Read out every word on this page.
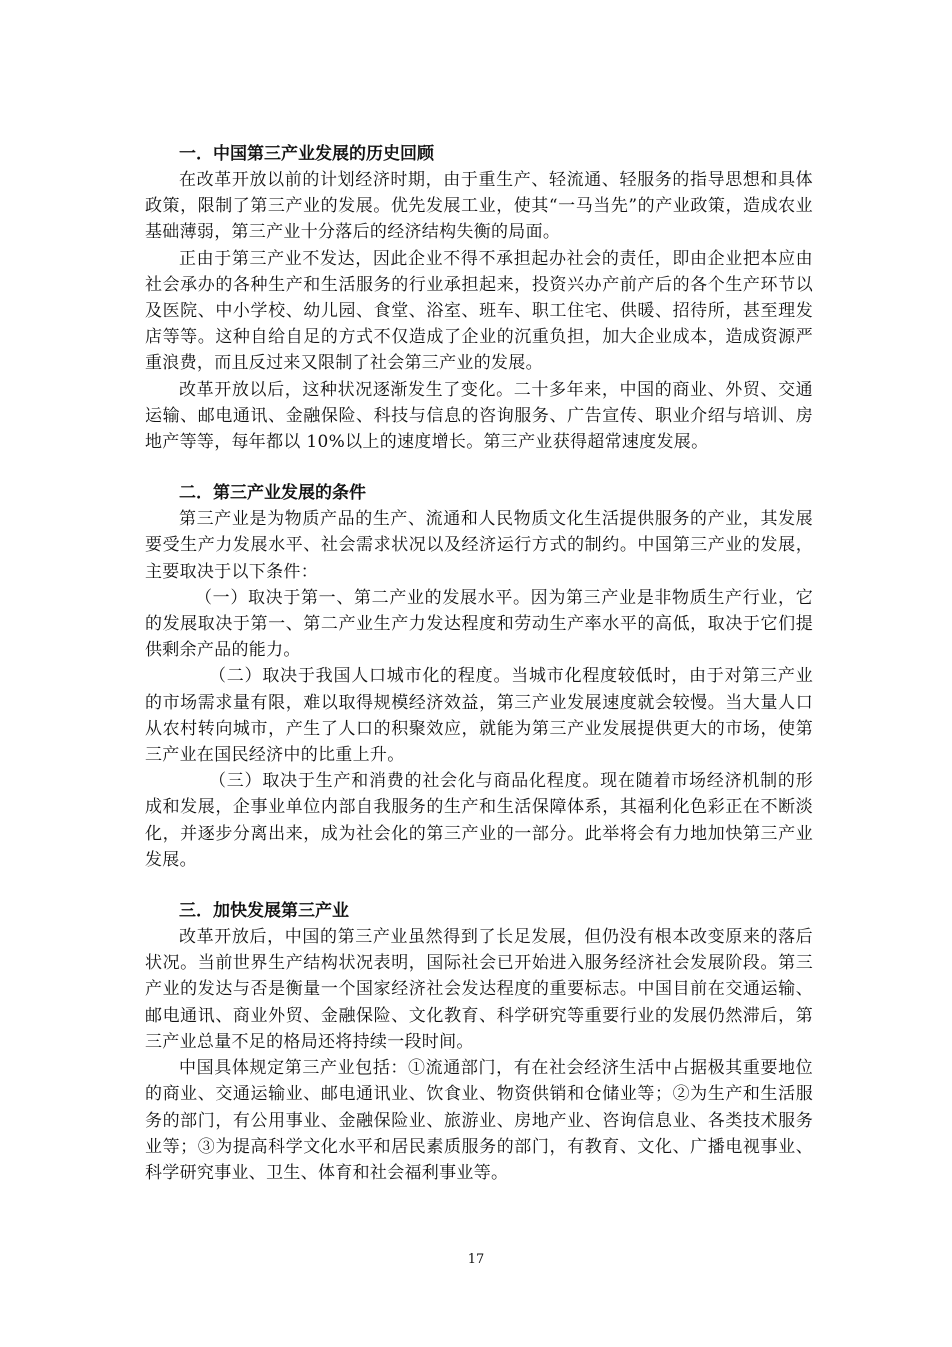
一．中国第三产业发展的历史回顾

在改革开放以前的计划经济时期，由于重生产、轻流通、轻服务的指导思想和具体政策，限制了第三产业的发展。优先发展工业，使其“一马当先”的产业政策，造成农业基础薄弱，第三产业十分落后的经济结构失衡的局面。

正由于第三产业不发达，因此企业不得不承担起办社会的责任，即由企业把本应由社会承办的各种生产和生活服务的行业承担起来，投资兴办产前产后的各个生产环节以及医院、中小学校、幼儿园、食堂、浴室、班车、职工住宅、供暖、招待所，甚至理发店等等。这种自给自足的方式不仅造成了企业的沉重负担，加大企业成本，造成资源严重浪费，而且反过来又限制了社会第三产业的发展。

改革开放以后，这种状况逐渐发生了变化。二十多年来，中国的商业、外贸、交通运输、邮电通讯、金融保险、科技与信息的咨询服务、广告宣传、职业介绍与培训、房地产等等，每年都以 10%以上的速度增长。第三产业获得超常速度发展。

二．第三产业发展的条件

第三产业是为物质产品的生产、流通和人民物质文化生活提供服务的产业，其发展要受生产力发展水平、社会需求状况以及经济运行方式的制约。中国第三产业的发展，主要取决于以下条件：

（一）取决于第一、第二产业的发展水平。因为第三产业是非物质生产行业，它的发展取决于第一、第二产业生产力发达程度和劳动生产率水平的高低，取决于它们提供剩余产品的能力。

（二）取决于我国人口城市化的程度。当城市化程度较低时，由于对第三产业的市场需求量有限，难以取得规模经济效益，第三产业发展速度就会较慢。当大量人口从农村转向城市，产生了人口的积聚效应，就能为第三产业发展提供更大的市场，使第三产业在国民经济中的比重上升。

（三）取决于生产和消费的社会化与商品化程度。现在随着市场经济机制的形成和发展，企事业单位内部自我服务的生产和生活保障体系，其福利化色彩正在不断淡化，并逐步分离出来，成为社会化的第三产业的一部分。此举将会有力地加快第三产业发展。

三．加快发展第三产业

改革开放后，中国的第三产业虽然得到了长足发展，但仍没有根本改变原来的落后状况。当前世界生产结构状况表明，国际社会已开始进入服务经济社会发展阶段。第三产业的发达与否是衡量一个国家经济社会发达程度的重要标志。中国目前在交通运输、邮电通讯、商业外贸、金融保险、文化教育、科学研究等重要行业的发展仍然滞后，第三产业总量不足的格局还将持续一段时间。

中国具体规定第三产业包括：①流通部门，有在社会经济生活中占据极其重要地位的商业、交通运输业、邮电通讯业、饮食业、物资供销和仓储业等；②为生产和生活服务的部门，有公用事业、金融保险业、旅游业、房地产业、咨询信息业、各类技术服务业等；③为提高科学文化水平和居民素质服务的部门，有教育、文化、广播电视事业、科学研究事业、卫生、体育和社会福利事业等。

17
